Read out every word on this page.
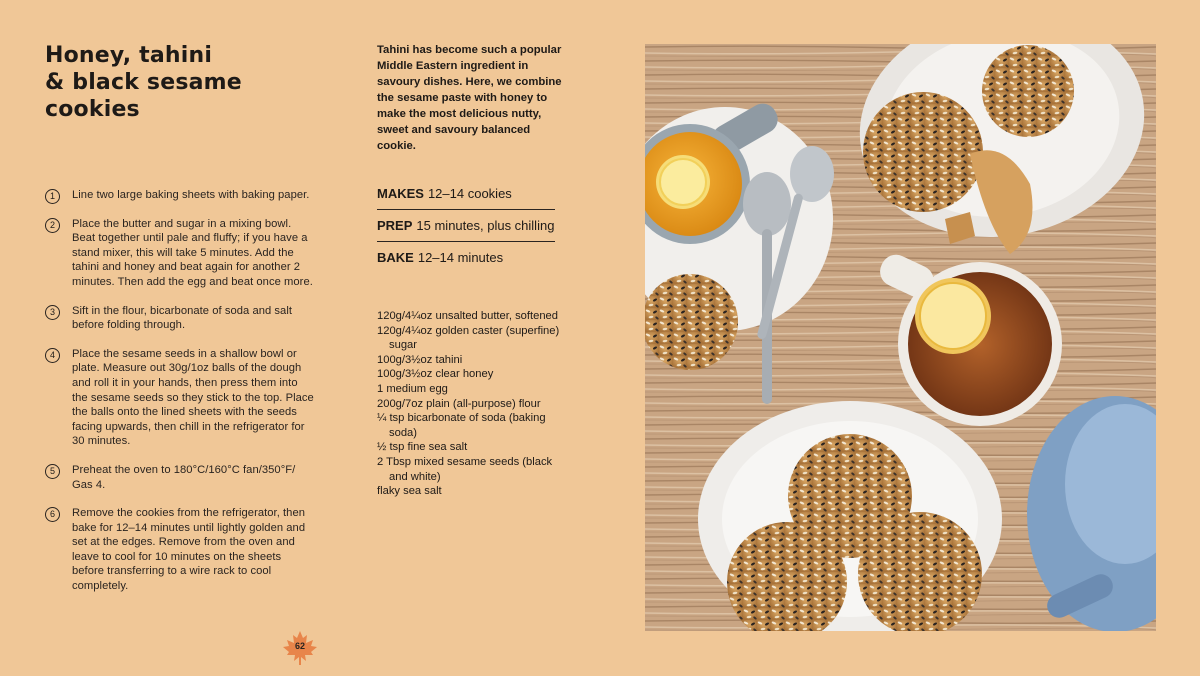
Honey, tahini
& black sesame
cookies
1	Line two large baking sheets with baking paper.
2	Place the butter and sugar in a mixing bowl. Beat together until pale and fluffy; if you have a stand mixer, this will take 5 minutes. Add the tahini and honey and beat again for another 2 minutes. Then add the egg and beat once more.
3	Sift in the flour, bicarbonate of soda and salt before folding through.
4	Place the sesame seeds in a shallow bowl or plate. Measure out 30g/1oz balls of the dough and roll it in your hands, then press them into the sesame seeds so they stick to the top. Place the balls onto the lined sheets with the seeds facing upwards, then chill in the refrigerator for 30 minutes.
5	Preheat the oven to 180°C/160°C fan/350°F/ Gas 4.
6	Remove the cookies from the refrigerator, then bake for 12–14 minutes until lightly golden and set at the edges. Remove from the oven and leave to cool for 10 minutes on the sheets before transferring to a wire rack to cool completely.
62
Tahini has become such a popular Middle Eastern ingredient in savoury dishes. Here, we combine the sesame paste with honey to make the most delicious nutty, sweet and savoury balanced cookie.
MAKES 12–14 cookies
PREP 15 minutes, plus chilling
BAKE 12–14 minutes
120g/4¼oz unsalted butter, softened
120g/4¼oz golden caster (superfine) sugar
100g/3½oz tahini
100g/3½oz clear honey
1 medium egg
200g/7oz plain (all-purpose) flour
¼ tsp bicarbonate of soda (baking soda)
½ tsp fine sea salt
2 Tbsp mixed sesame seeds (black and white)
flaky sea salt
